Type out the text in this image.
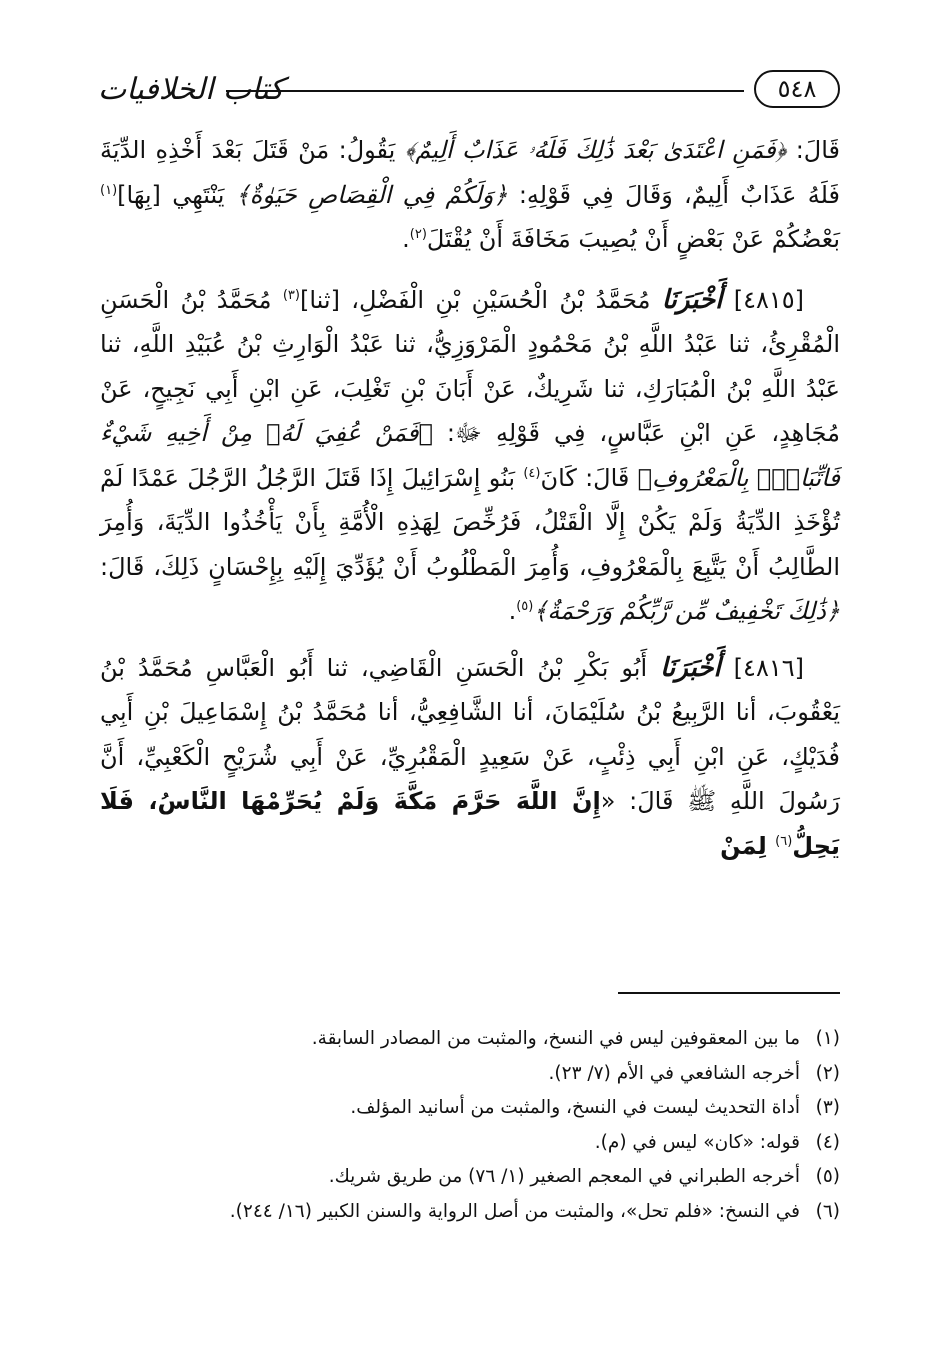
كتاب الخلافيات	٥٤٨

قَالَ: ﴿فَمَنِ اعْتَدَىٰ بَعْدَ ذَٰلِكَ فَلَهُۥ عَذَابٌ أَلِيمٌ﴾ يَقُولُ: مَنْ قَتَلَ بَعْدَ أَخْذِهِ الدِّيَةَ فَلَهُ عَذَابٌ أَلِيمٌ، وَقَالَ فِي قَوْلِهِ: ﴿وَلَكُمْ فِي الْقِصَاصِ حَيَوٰةٌ﴾ يَنْتَهِي [بِهَا]$^{(١)}$ بَعْضُكُمْ عَنْ بَعْضٍ أَنْ يُصِيبَ مَخَافَةَ أَنْ يُقْتَلَ$^{(٢)}$.

[٤٨١٥] أَخْبَرَنَا مُحَمَّدُ بْنُ الْحُسَيْنِ بْنِ الْفَضْلِ، [ثنا]$^{(٣)}$ مُحَمَّدُ بْنُ الْحَسَنِ الْمُقْرِئُ، ثنا عَبْدُ اللَّهِ بْنُ مَحْمُودٍ الْمَرْوَزِيُّ، ثنا عَبْدُ الْوَارِثِ بْنُ عُبَيْدِ اللَّهِ، ثنا عَبْدُ اللَّهِ بْنُ الْمُبَارَكِ، ثنا شَرِيكٌ، عَنْ أَبَانَ بْنِ تَغْلِبَ، عَنِ ابْنِ أَبِي نَجِيحٍ، عَنْ مُجَاهِدٍ، عَنِ ابْنِ عَبَّاسٍ، فِي قَوْلِهِ ﷻ: ﴿فَمَنْ عُفِيَ لَهُۥ مِنْ أَخِيهِ شَيْءٌ فَاتِّبَاعٌۢ بِالْمَعْرُوفِ﴾ قَالَ: كَانَ$^{(٤)}$ بَنُو إِسْرَائِيلَ إِذَا قَتَلَ الرَّجُلُ الرَّجُلَ عَمْدًا لَمْ تُؤْخَذِ الدِّيَةُ وَلَمْ يَكُنْ إِلَّا الْقَتْلُ، فَرُخِّصَ لِهَذِهِ الْأُمَّةِ بِأَنْ يَأْخُذُوا الدِّيَةَ، وَأُمِرَ الطَّالِبُ أَنْ يَتَّبِعَ بِالْمَعْرُوفِ، وَأُمِرَ الْمَطْلُوبُ أَنْ يُؤَدِّيَ إِلَيْهِ بِإِحْسَانٍ ذَلِكَ، قَالَ: ﴿ذَٰلِكَ تَخْفِيفٌ مِّن رَّبِّكُمْ وَرَحْمَةٌ﴾$^{(٥)}$.

[٤٨١٦] أَخْبَرَنَا أَبُو بَكْرِ بْنُ الْحَسَنِ الْقَاضِي، ثنا أَبُو الْعَبَّاسِ مُحَمَّدُ بْنُ يَعْقُوبَ، أنا الرَّبِيعُ بْنُ سُلَيْمَانَ، أنا الشَّافِعِيُّ، أنا مُحَمَّدُ بْنُ إِسْمَاعِيلَ بْنِ أَبِي فُدَيْكٍ، عَنِ ابْنِ أَبِي ذِئْبٍ، عَنْ سَعِيدٍ الْمَقْبُرِيِّ، عَنْ أَبِي شُرَيْحٍ الْكَعْبِيِّ، أَنَّ رَسُولَ اللَّهِ ﷺ قَالَ: «إِنَّ اللَّهَ حَرَّمَ مَكَّةَ وَلَمْ يُحَرِّمْهَا النَّاسُ، فَلَا يَحِلُّ$^{(٦)}$ لِمَنْ

(١)ما بين المعقوفين ليس في النسخ، والمثبت من المصادر السابقة.
(٢)أخرجه الشافعي في الأم (٧/ ٢٣).
(٣)أداة التحديث ليست في النسخ، والمثبت من أسانيد المؤلف.
(٤)قوله: «كان» ليس في (م).
(٥)أخرجه الطبراني في المعجم الصغير (١/ ٧٦) من طريق شريك.
(٦)في النسخ: «فلم تحل»، والمثبت من أصل الرواية والسنن الكبير (١٦/ ٢٤٤).
